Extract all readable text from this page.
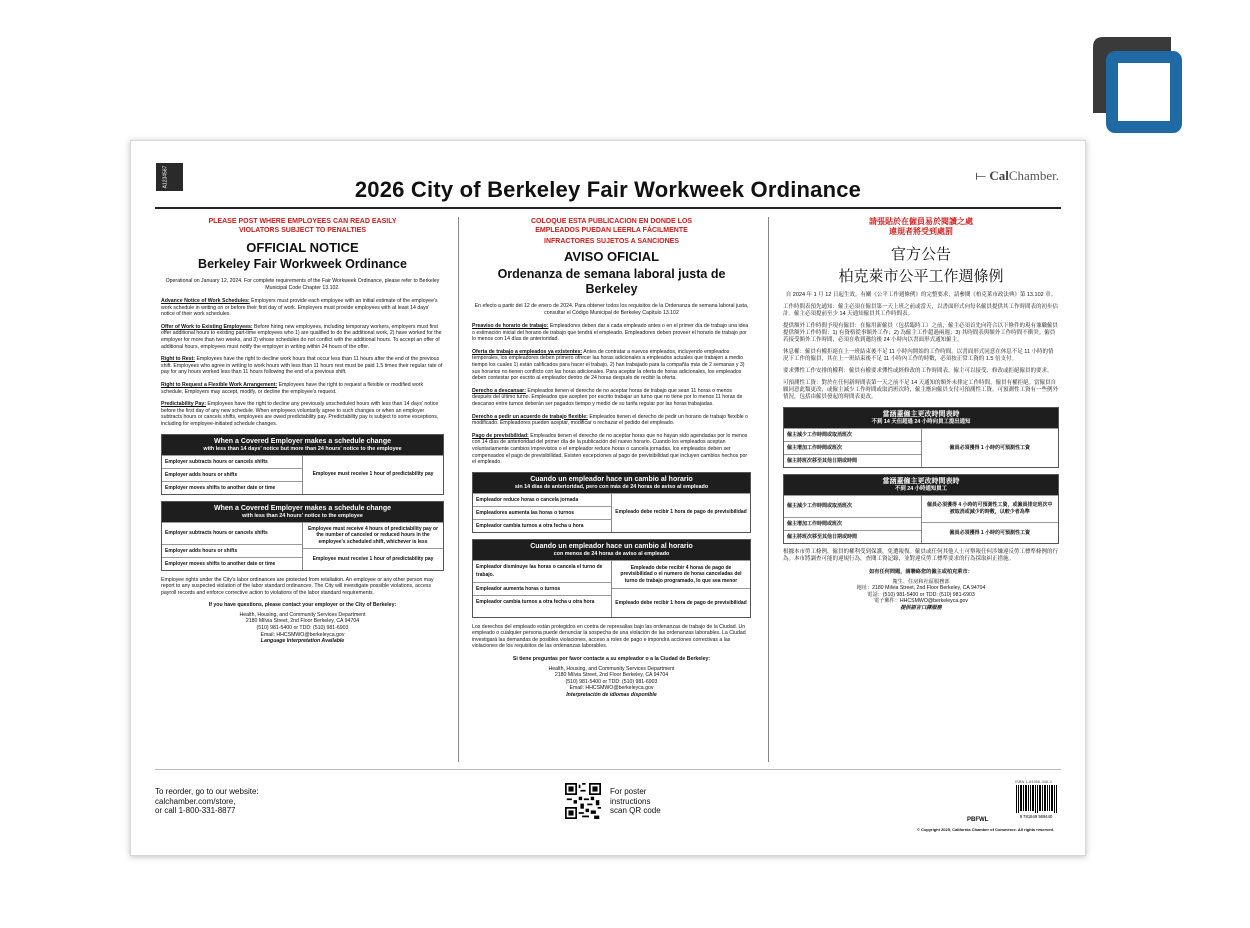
A1234567	2026 City of Berkeley Fair Workweek Ordinance
⟝ CalChamber.
PLEASE POST WHERE EMPLOYEES CAN READ EASILY
VIOLATORS SUBJECT TO PENALTIES
OFFICIAL NOTICE
Berkeley Fair Workweek Ordinance
Operational on January 12, 2024. For complete requirements of the Fair Workweek Ordinance, please refer to Berkeley Municipal Code Chapter 13.102.
Advance Notice of Work Schedules: Employers must provide each employee with an initial estimate of the employee's work schedule in writing on or before their first day of work. Employers must provide employees with at least 14 days' notice of their work schedules.
Offer of Work to Existing Employees: Before hiring new employees, including temporary workers, employers must first offer additional hours to existing part-time employees who 1) are qualified to do the additional work, 2) have worked for the employer for more than two weeks, and 3) whose schedules do not conflict with the additional hours. To accept an offer of additional hours, employees must notify the employer in writing within 24 hours of the offer.
Right to Rest: Employees have the right to decline work hours that occur less than 11 hours after the end of the previous shift. Employees who agree in writing to work hours with less than 11 hours rest must be paid 1.5 times their regular rate of pay for any hours worked less than 11 hours following the end of a previous shift.
Right to Request a Flexible Work Arrangement: Employees have the right to request a flexible or modified work schedule. Employers may accept, modify, or decline the employee's request.
Predictability Pay: Employees have the right to decline any previously unscheduled hours with less than 14 days' notice before the first day of any new schedule. When employees voluntarily agree to such changes or when an employer subtracts hours or cancels shifts, employees are owed predictability pay. Predictability pay is subject to some exceptions, including for employee-initiated schedule changes.
When a Covered Employer makes a schedule change
with less than 14 days' notice but more than 24 hours' notice to the employee
Employer subtracts hours or cancels shifts
Employer adds hours or shifts
Employer moves shifts to another date or time
Employee must receive 1 hour of predictability pay
When a Covered Employer makes a schedule change
with less than 24 hours' notice to the employee
Employer subtracts hours or cancels shifts
Employer adds hours or shifts
Employer moves shifts to another date or time
Employee must receive 4 hours of predictability pay or the number of canceled or reduced hours in the employee's scheduled shift, whichever is less
Employee must receive 1 hour of predictability pay
Employee rights under the City's labor ordinances are protected from retaliation. An employee or any other person may report to any suspected violation of the labor standard ordinances. The City will investigate possible violations, access payroll records and enforce corrective action to violations of the labor standard requirements.
If you have questions, please contact your employer or the City of Berkeley:
Health, Housing, and Community Services Department
2180 Milvia Street, 2nd Floor Berkeley, CA 94704
(510) 981-5400 or TDD: (510) 981-6903
Email: HHCSMWO@berkeleyca.gov
Language Interpretation Available
COLOQUE ESTA PUBLICACIÓN EN DONDE LOS
EMPLEADOS PUEDAN LEERLA FÁCILMENTE
INFRACTORES SUJETOS A SANCIONES
AVISO OFICIAL
Ordenanza de semana laboral justa de Berkeley
En efecto a partir del 12 de enero de 2024. Para obtener todos los requisitos de la Ordenanza de semana laboral justa, consultar el Código Municipal de Berkeley Capítulo 13.102
Preaviso de horario de trabajo: Empleadores deben dar a cada empleado antes o en el primer día de trabajo una idea o estimación inicial del horario de trabajo que tendrá el empleado. Empleadores deben proveer el horario de trabajo por lo menos con 14 días de anterioridad.
Oferta de trabajo a empleados ya existentes: Antes de contratar a nuevos empleados, incluyendo empleados temporales, los empleadores deben primero ofrecer las horas adicionales a empleados actuales que trabajen a medio tiempo los cuales 1) están calificados para hacer el trabajo, 2) han trabajado para la compañía más de 2 semanas y 3) sus horarios no tienen conflicto con las horas adicionales. Para aceptar la oferta de horas adicionales, los empleados deben contestar por escrito al empleador dentro de 24 horas después de recibir la oferta.
Derecho a descansar: Empleados tienen el derecho de no aceptar horas de trabajo que sean 11 horas o menos después del último turno. Empleados que acepten por escrito trabajar un turno que no tiene por lo menos 11 horas de descanso entre turnos deberán ser pagados tiempo y medio de su tarifa regular por las horas trabajadas.
Derecho a pedir un acuerdo de trabajo flexible: Empleados tienen el derecho de pedir un horario de trabajo flexible o modificado. Empleadores pueden aceptar, modificar o rechazar el pedido del empleado.
Pago de previsibilidad: Empleados tienen el derecho de no aceptar horas que no hayan sido agendadas por lo menos con 14 días de anterioridad del primer día de la publicación del nuevo horario. Cuando los empleados aceptan voluntariamente cambios imprevistos o el empleador reduce horas o cancela jornadas, los empleados deben ser compensados el pago de previsibilidad. Existen excepciones al pago de previsibilidad que incluyen cambios hechos por el empleado.
Cuando un empleador hace un cambio al horario
sin 14 días de anterioridad, pero con más de 24 horas de aviso al empleado
Empleador reduce horas o cancela jornada
Empleadores aumenta las horas o turnos
Empleador cambia turnos a otra fecha u hora
Empleado debe recibir 1 hora de pago de previsibilidad
Cuando un empleador hace un cambio al horario
con menos de 24 horas de aviso al empleado
Empleador disminuye las horas o cancela el turno de trabajo.
Empleador aumenta horas o turnos
Empleador cambia turnos a otra fecha u otra hora
Empleado debe recibir 4 horas de pago de previsibilidad o el numero de horas canceladas del turno de trabajo programado, lo que sea menor
Empleado debe recibir 1 hora de pago de previsibilidad
Los derechos del empleado están protegidos en contra de represalias bajo las ordenanzas de trabajo de la Ciudad. Un empleado o cualquier persona puede denunciar la sospecha de una violación de las ordenanzas laborables. La Ciudad investigará las demandas de posibles violaciones, acceso a roles de pago e impondrá acciones correctivas a las violaciones de los requisitos de las ordenanzas laborables.
Si tiene preguntas por favor contacte a su empleador o a la Ciudad de Berkeley:
Health, Housing, and Community Services Department
2180 Milvia Street, 2nd Floor Berkeley, CA 94704
(510) 981-5400 or TDD: (510) 981-6903
Email: HHCSMWO@berkeleyca.gov
Interpretación de idiomas disponible
請張貼於在僱員易於閱讀之處
違規者將受到處罰
官方公告
柏克萊市公平工作週條例
自 2024 年 1 月 12 日起生效。有關《公平工作週條例》的完整要求，請參閱《柏克萊市政法典》第 13.102 章。
工作時間表預先通知：僱主必須在僱員第一天上班之前或當天，以書面形式向每名僱員提供其工作時間表的初步估計。僱主必須提前至少 14 天通知僱員其工作時間表。
提供額外工作時間予現有僱員：在僱用新僱員（包括臨時工）之前，僱主必須首先向符合以下條件的現有兼職僱員提供額外工作時間：1) 有資格從事額外工作；2) 為僱主工作超過兩週；3) 其時間表與額外工作時間不衝突。僱員若接受額外工作時間，必須在收到邀約後 24 小時內以書面形式通知僱主。
休息權：僱員有權拒絕在上一班結束後不足 11 小時內開始的工作時間。以書面形式同意在休息不足 11 小時的情況下工作的僱員，其在上一班結束後不足 11 小時內工作的時數，必須按正常工資的 1.5 倍支付。
要求彈性工作安排的權利：僱員有權要求彈性或經修改的工作時間表。僱主可以接受、修改或拒絕僱員的要求。
可預測性工資：對於在任何新時間表第一天之前不足 14 天通知的額外未排定工作時間，僱員有權拒絕。當僱員自願同意此類更改，或僱主減少工作時間或取消班次時，僱主應向僱員支付可預測性工資。可預測性工資有一些例外情況，包括由僱員發起的時間表更改。
當涵蓋僱主更改時間表時
不到 14 天但超過 24 小時向員工提出通知
僱主減少工作時間或取消班次
僱主增加工作時間或班次
僱主將班次移至其他日期或時間
僱員必須獲得 1 小時的可預測性工資
當涵蓋僱主更改時間表時
不到 24 小時通知員工
僱主減少工作時間或取消班次
僱主增加工作時間或班次
僱主將班次移至其他日期或時間
僱員必須獲得 4 小時的可預測性工資，或僱員排定班次中被取消或減少的時數，以較少者為準
僱員必須獲得 1 小時的可預測性工資
根據本市勞工條例，僱員的權利受到保護，免遭報復。僱員或任何其他人士可舉報任何涉嫌違反勞工標準條例的行為。本市將調查可能的違規行為，查閱工資記錄，並對違反勞工標準要求的行為採取糾正措施。
如有任何問題，請聯絡您的僱主或柏克萊市：
衛生、住房和社區服務部
地址：2180 Milvia Street, 2nd Floor Berkeley, CA 94704
電話：(510) 981-5400 or TDD: (510) 981-6903
電子郵件：HHCSMWO@berkeleyca.gov
提供語言口譯服務
To reorder, go to our website:
calchamber.com/store,
or call 1-800-331-8877
For poster
instructions
scan QR code
ISBN 1-64956-346-3
9 781649 569440
PBFWL
© Copyright 2025, California Chamber of Commerce. All rights reserved.
